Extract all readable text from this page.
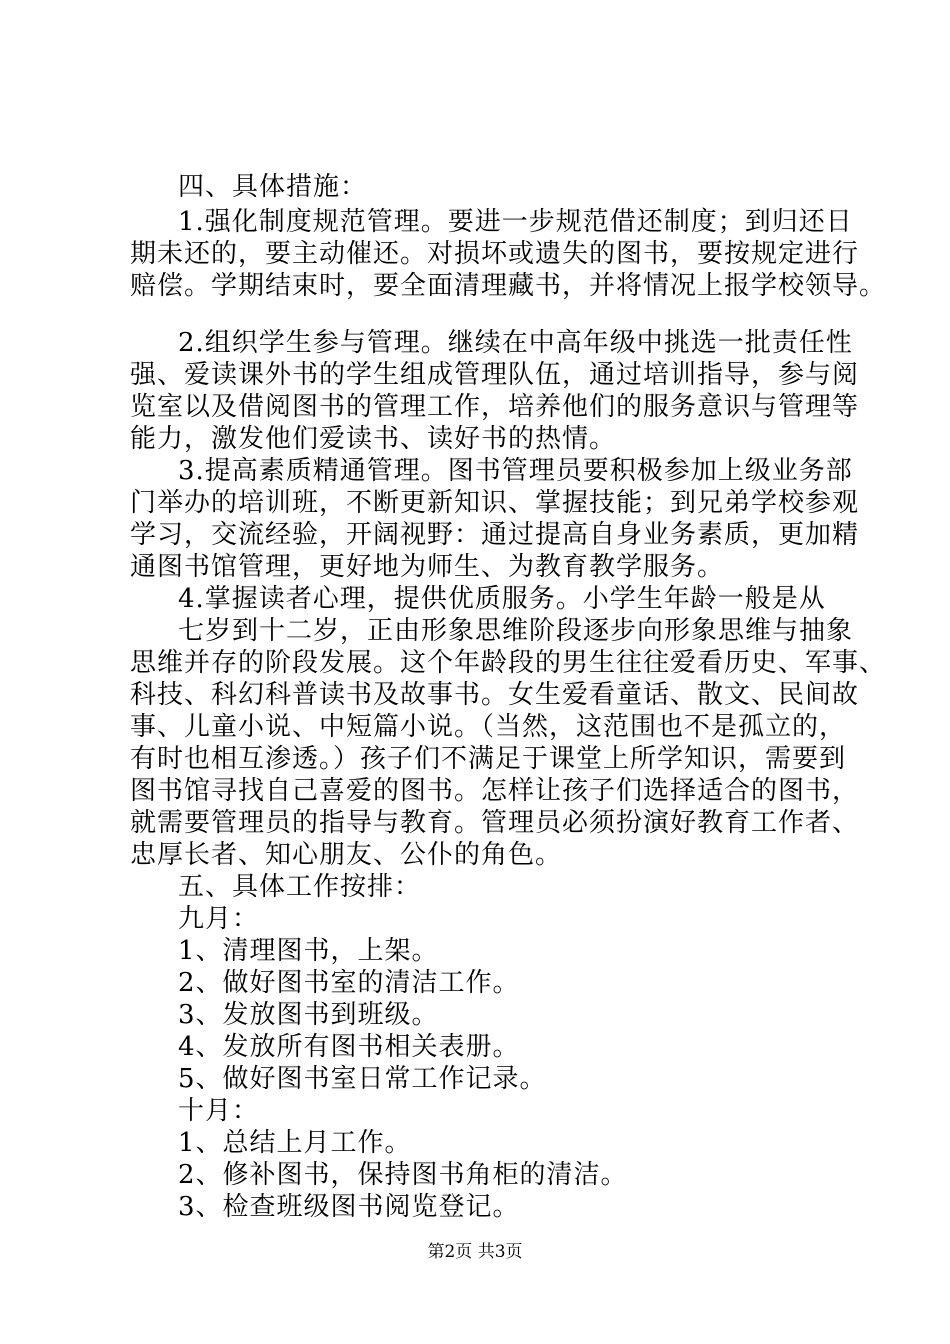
四、具体措施：
1.强化制度规范管理。要进一步规范借还制度；到归还日
期未还的，要主动催还。对损坏或遗失的图书，要按规定进行
赔偿。学期结束时，要全面清理藏书，并将情况上报学校领导。
2.组织学生参与管理。继续在中高年级中挑选一批责任性
强、爱读课外书的学生组成管理队伍，通过培训指导，参与阅
览室以及借阅图书的管理工作，培养他们的服务意识与管理等
能力，激发他们爱读书、读好书的热情。
3.提高素质精通管理。图书管理员要积极参加上级业务部
门举办的培训班，不断更新知识、掌握技能；到兄弟学校参观
学习，交流经验，开阔视野：通过提高自身业务素质，更加精
通图书馆管理，更好地为师生、为教育教学服务。
4.掌握读者心理，提供优质服务。小学生年龄一般是从
七岁到十二岁，正由形象思维阶段逐步向形象思维与抽象
思维并存的阶段发展。这个年龄段的男生往往爱看历史、军事、
科技、科幻科普读书及故事书。女生爱看童话、散文、民间故
事、儿童小说、中短篇小说。（当然，这范围也不是孤立的，
有时也相互渗透。）孩子们不满足于课堂上所学知识，需要到
图书馆寻找自己喜爱的图书。怎样让孩子们选择适合的图书，
就需要管理员的指导与教育。管理员必须扮演好教育工作者、
忠厚长者、知心朋友、公仆的角色。
五、具体工作按排：
九月：
1、清理图书，上架。
2、做好图书室的清洁工作。
3、发放图书到班级。
4、发放所有图书相关表册。
5、做好图书室日常工作记录。
十月：
1、总结上月工作。
2、修补图书，保持图书角柜的清洁。
3、检查班级图书阅览登记。
第2页 共3页
